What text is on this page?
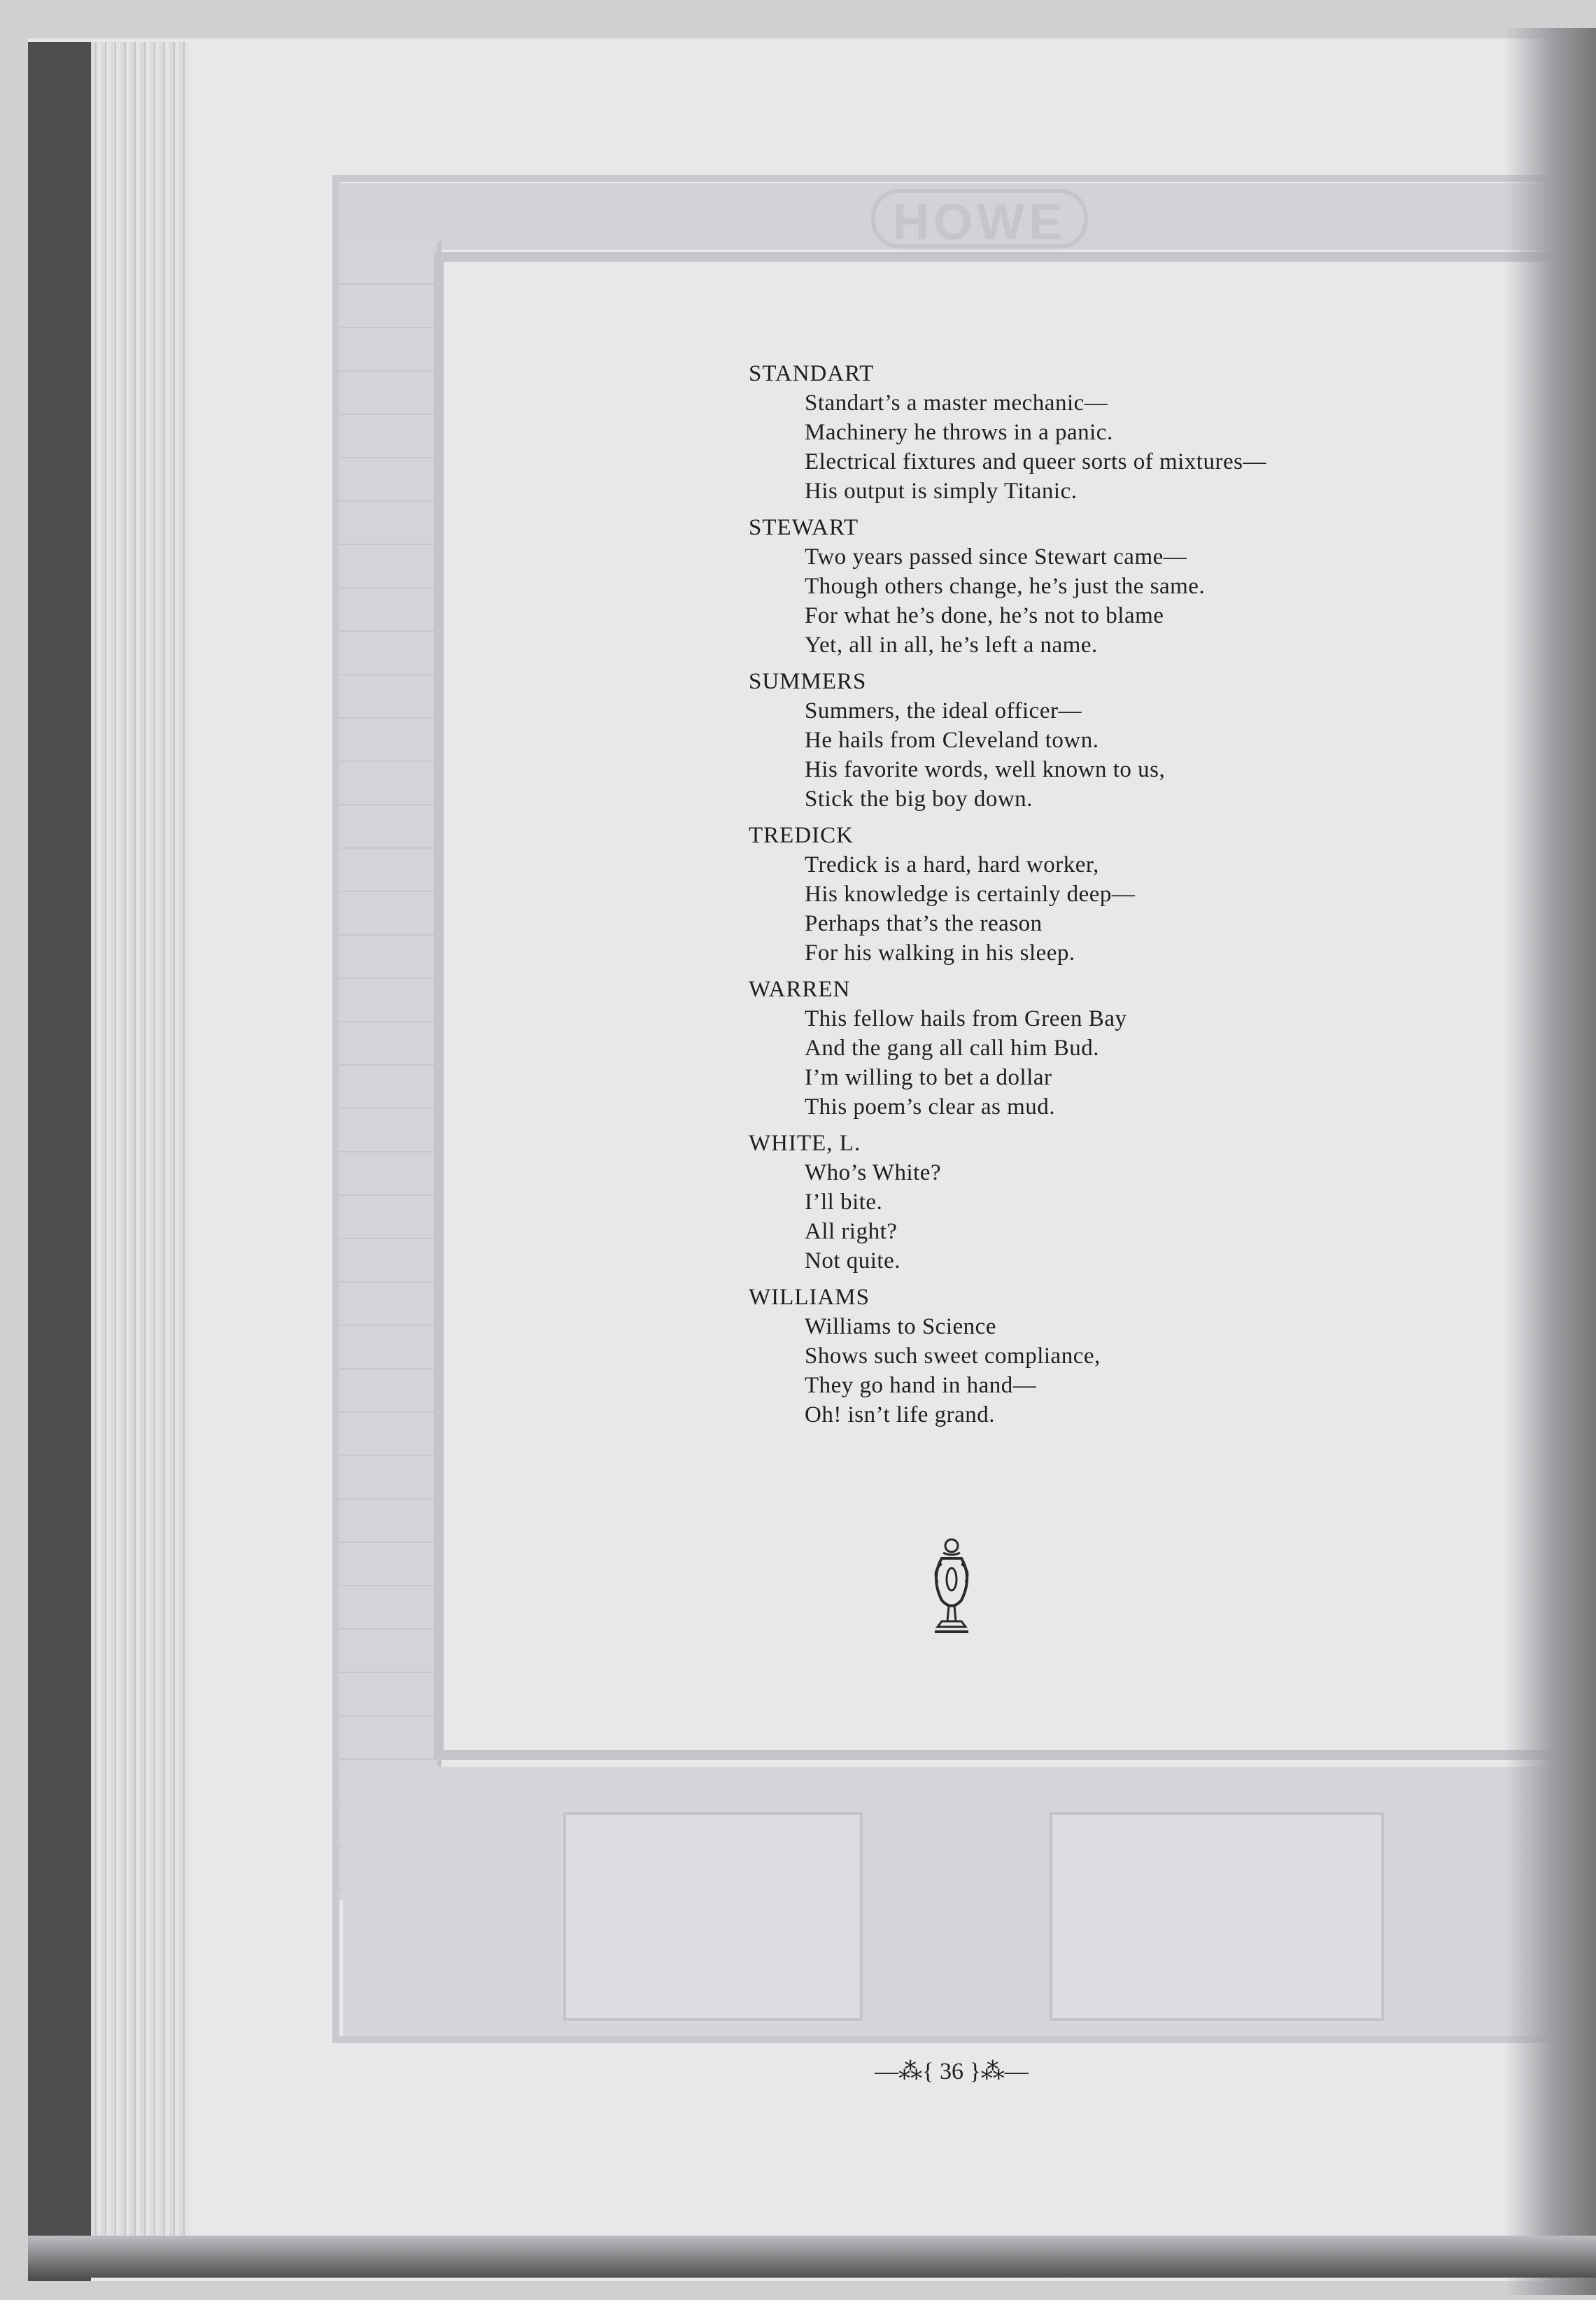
HOWE
STANDART
Standart’s a master mechanic—
Machinery he throws in a panic.
Electrical fixtures and queer sorts of mixtures—
His output is simply Titanic.
STEWART
Two years passed since Stewart came—
Though others change, he’s just the same.
For what he’s done, he’s not to blame
Yet, all in all, he’s left a name.
SUMMERS
Summers, the ideal officer—
He hails from Cleveland town.
His favorite words, well known to us,
Stick the big boy down.
TREDICK
Tredick is a hard, hard worker,
His knowledge is certainly deep—
Perhaps that’s the reason
For his walking in his sleep.
WARREN
This fellow hails from Green Bay
And the gang all call him Bud.
I’m willing to bet a dollar
This poem’s clear as mud.
WHITE, L.
Who’s White?
I’ll bite.
All right?
Not quite.
WILLIAMS
Williams to Science
Shows such sweet compliance,
They go hand in hand—
Oh! isn’t life grand.
—⁂{ 36 }⁂—
